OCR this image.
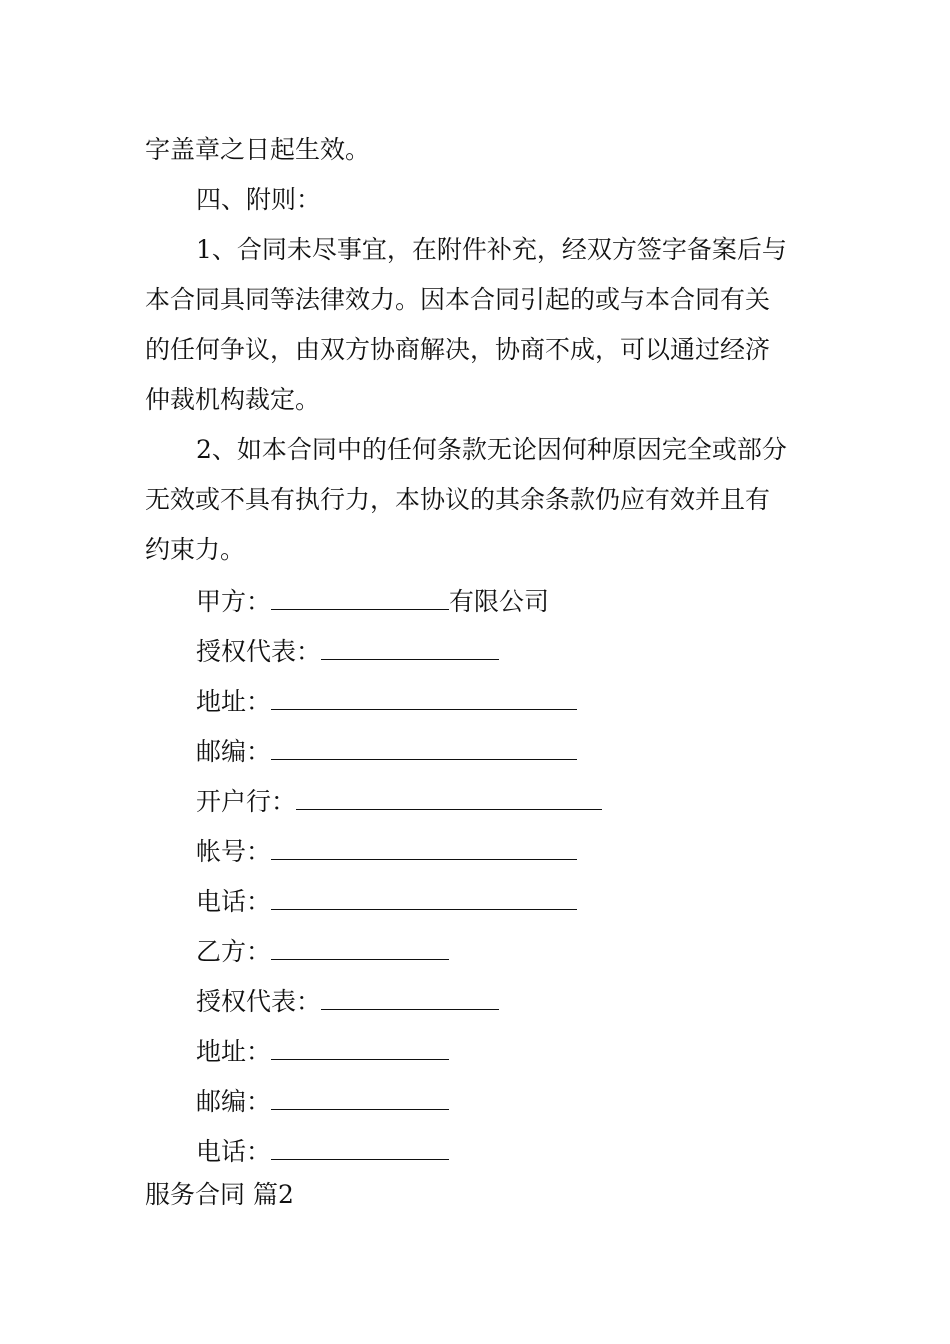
字盖章之日起生效。
四、附则：
1、合同未尽事宜，在附件补充，经双方签字备案后与
本合同具同等法律效力。因本合同引起的或与本合同有关
的任何争议，由双方协商解决，协商不成，可以通过经济
仲裁机构裁定。
2、如本合同中的任何条款无论因何种原因完全或部分
无效或不具有执行力，本协议的其余条款仍应有效并且有
约束力。
甲方：	有限公司
授权代表：
地址：
邮编：
开户行：
帐号：
电话：
乙方：
授权代表：
地址：
邮编：
电话：
服务合同 篇2
